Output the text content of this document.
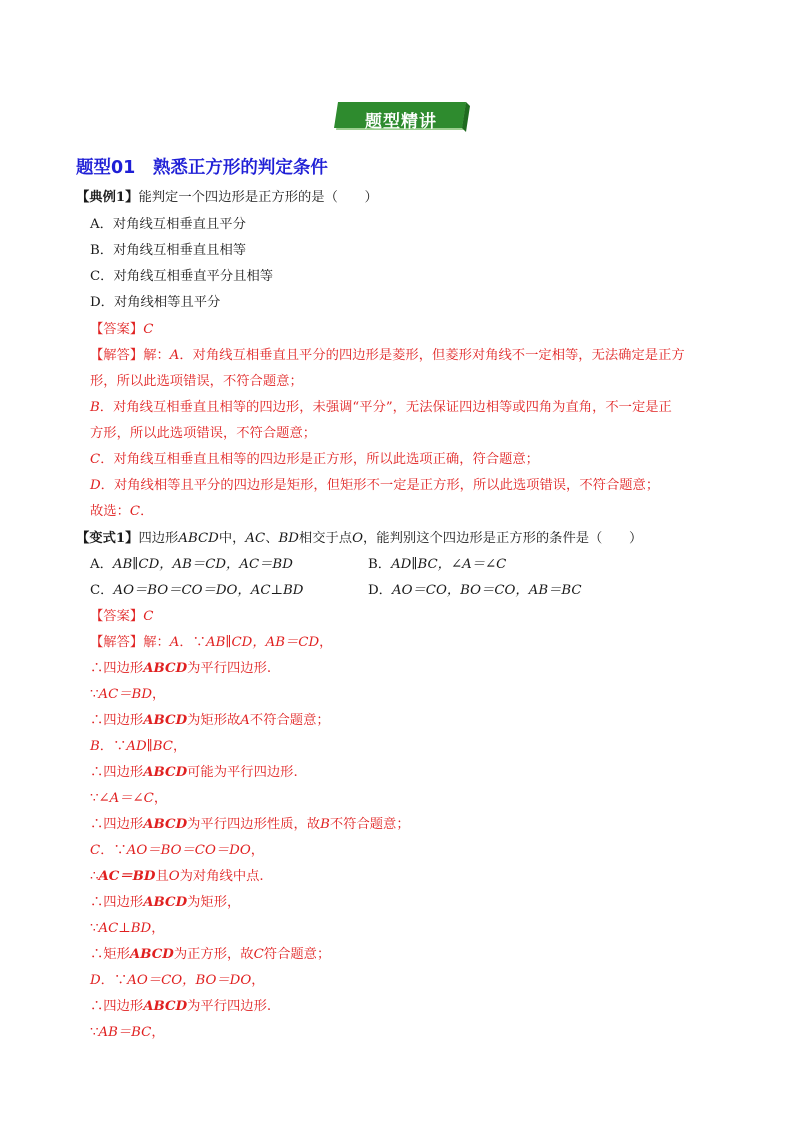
题型精讲
题型01　熟悉正方形的判定条件
【典例1】能判定一个四边形是正方形的是（　　）
A．对角线互相垂直且平分
B．对角线互相垂直且相等
C．对角线互相垂直平分且相等
D．对角线相等且平分
【答案】C
【解答】解：A．对角线互相垂直且平分的四边形是菱形，但菱形对角线不一定相等，无法确定是正方
形，所以此选项错误，不符合题意；
B．对角线互相垂直且相等的四边形，未强调“平分”，无法保证四边相等或四角为直角，不一定是正
方形，所以此选项错误，不符合题意；
C．对角线互相垂直且相等的四边形是正方形，所以此选项正确，符合题意；
D．对角线相等且平分的四边形是矩形，但矩形不一定是正方形，所以此选项错误，不符合题意；
故选：C．
【变式1】四边形ABCD中，AC、BD相交于点O，能判别这个四边形是正方形的条件是（　　）
A．AB∥CD，AB＝CD，AC＝BD	B．AD∥BC，∠A＝∠C
C．AO＝BO＝CO＝DO，AC⊥BD	D．AO＝CO，BO＝CO，AB＝BC
【答案】C
【解答】解：A．∵AB∥CD，AB＝CD，
∴四边形ABCD为平行四边形.
∵AC＝BD，
∴四边形ABCD为矩形故A不符合题意；
B．∵AD∥BC，
∴四边形ABCD可能为平行四边形.
∵∠A＝∠C，
∴四边形ABCD为平行四边形性质，故B不符合题意；
C．∵AO＝BO＝CO＝DO，
∴AC＝BD且O为对角线中点.
∴四边形ABCD为矩形，
∵AC⊥BD，
∴矩形ABCD为正方形，故C符合题意；
D．∵AO＝CO，BO＝DO，
∴四边形ABCD为平行四边形.
∵AB＝BC，
